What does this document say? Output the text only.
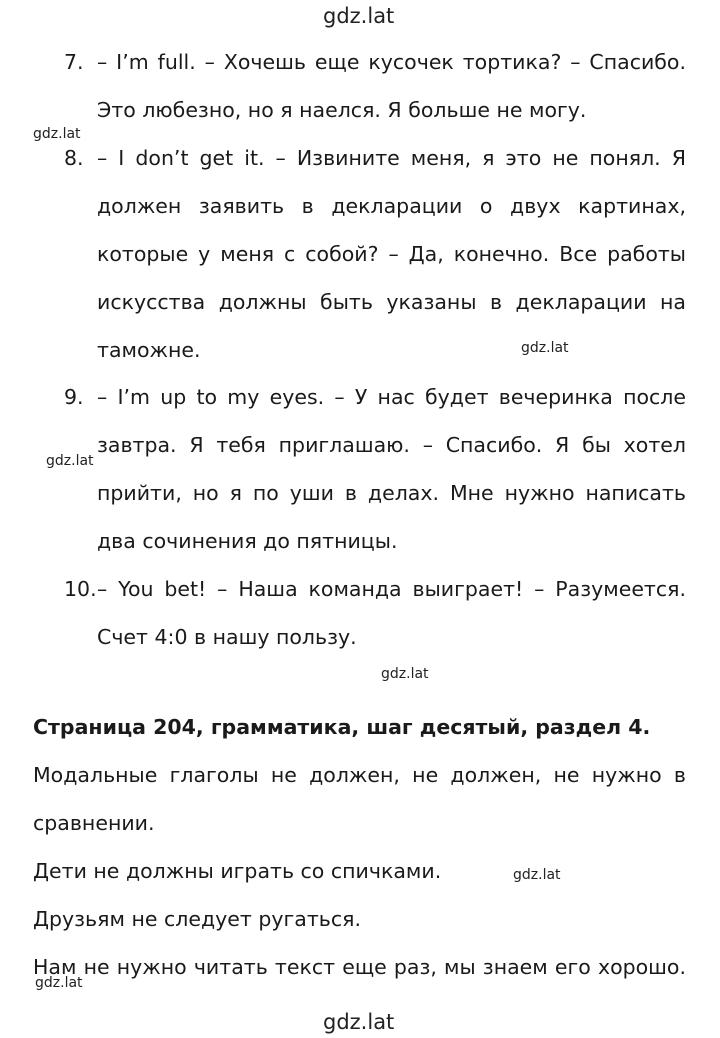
gdz.lat
gdz.lat
gdz.lat
gdz.lat
gdz.lat
gdz.lat
gdz.lat
gdz.lat
7. – I’m full. – Хочешь еще кусочек тортика? – Спасибо.
Это любезно, но я наелся. Я больше не могу.
8. – I don’t get it. – Извините меня, я это не понял. Я
должен заявить в декларации о двух картинах,
которые у меня с собой? – Да, конечно. Все работы
искусства должны быть указаны в декларации на
таможне.
9. – I’m up to my eyes. – У нас будет вечеринка после
завтра. Я тебя приглашаю. – Спасибо. Я бы хотел
прийти, но я по уши в делах. Мне нужно написать
два сочинения до пятницы.
10. – You bet! – Наша команда выиграет! – Разумеется.
Счет 4:0 в нашу пользу.
Страница 204, грамматика, шаг десятый, раздел 4.
Модальные глаголы не должен, не должен, не нужно в
сравнении.
Дети не должны играть со спичками.
Друзьям не следует ругаться.
Нам не нужно читать текст еще раз, мы знаем его хорошо.
